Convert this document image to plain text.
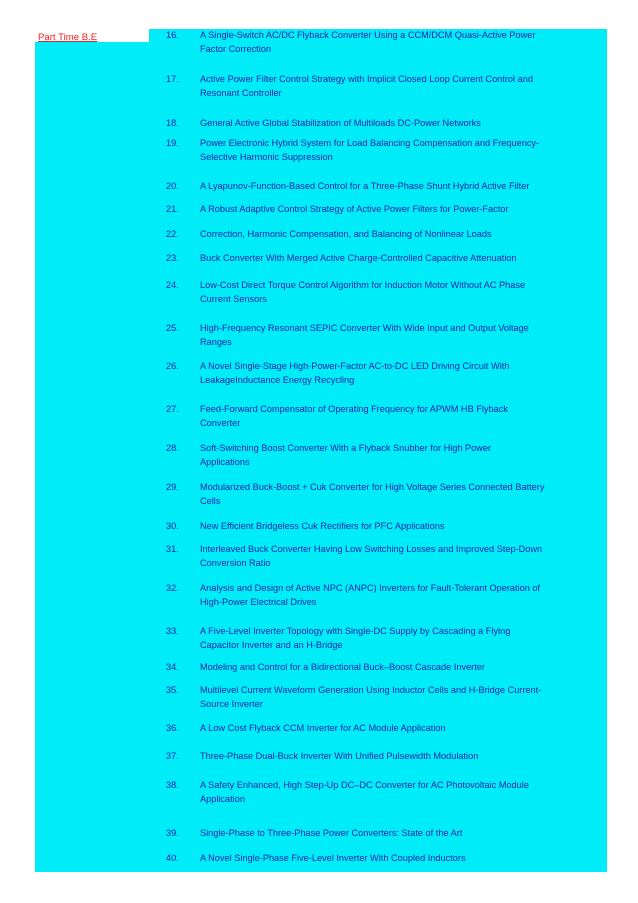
Part Time B.E	16.	A Single-Switch AC/DC Flyback Converter Using a CCM/DCM Quasi-Active Power
Factor Correction
17.	Active Power Filter Control Strategy with Implicit Closed Loop Current Control and
Resonant Controller
18.	General Active Global Stabilization of Multiloads DC-Power Networks
19.	Power Electronic Hybrid System for Load Balancing Compensation and Frequency-
Selective Harmonic Suppression
20.	A Lyapunov-Function-Based Control for a Three-Phase Shunt Hybrid Active Filter
21.	A Robust Adaptive Control Strategy of Active Power Filters for Power-Factor
22.	Correction, Harmonic Compensation, and Balancing of Nonlinear Loads
23.	Buck Converter With Merged Active Charge-Controlled Capacitive Attenuation
24.	Low-Cost Direct Torque Control Algorithm for Induction Motor Without AC Phase
Current Sensors
25.	High-Frequency Resonant SEPIC Converter With Wide Input and Output Voltage
Ranges
26.	A Novel Single-Stage High-Power-Factor AC-to-DC LED Driving Circuit With
LeakageInductance Energy Recycling
27.	Feed-Forward Compensator of Operating Frequency for APWM HB Flyback
Converter
28.	Soft-Switching Boost Converter With a Flyback Snubber for High Power
Applications
29.	Modularized Buck-Boost + Cuk Converter for High Voltage Series Connected Battery
Cells
30.	New Efficient Bridgeless Cuk Rectifiers for PFC Applications
31.	Interleaved Buck Converter Having Low Switching Losses and Improved Step-Down
Conversion Ratio
32.	Analysis and Design of Active NPC (ANPC) Inverters for Fault-Tolerant Operation of
High-Power Electrical Drives
33.	A Five-Level Inverter Topology with Single-DC Supply by Cascading a Flying
Capacitor Inverter and an H-Bridge
34.	Modeling and Control for a Bidirectional Buck–Boost Cascade Inverter
35.	Multilevel Current Waveform Generation Using Inductor Cells and H-Bridge Current-
Source Inverter
36.	A Low Cost Flyback CCM Inverter for AC Module Application
37.	Three-Phase Dual-Buck Inverter With Unified Pulsewidth Modulation
38.	A Safety Enhanced, High Step-Up DC–DC Converter for AC Photovoltaic Module
Application
39.	Single-Phase to Three-Phase Power Converters: State of the Art
40.	A Novel Single-Phase Five-Level Inverter With Coupled Inductors
